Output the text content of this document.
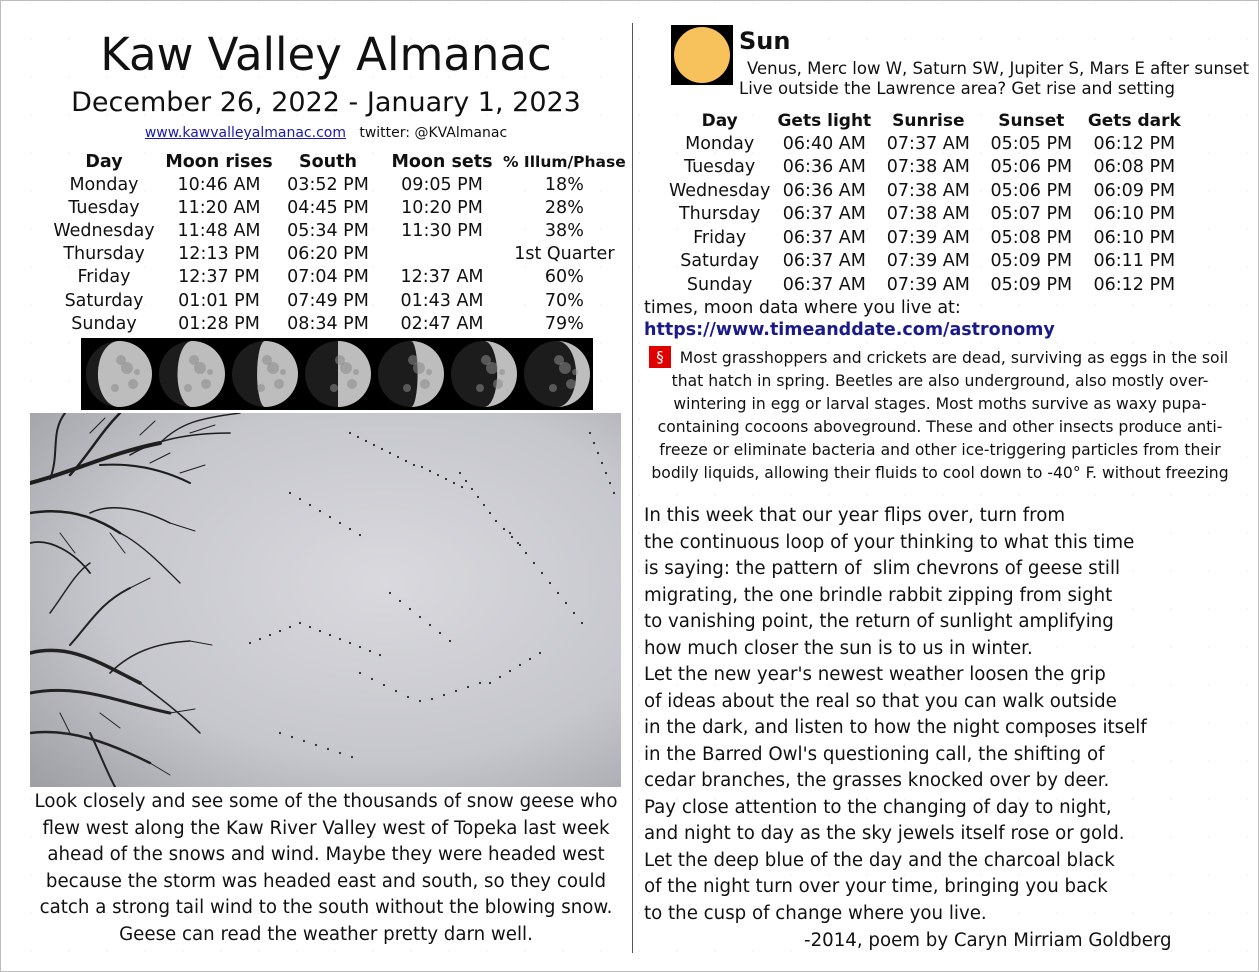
Kaw Valley Almanac
December 26, 2022 - January 1, 2023
www.kawvalleyalmanac.com twitter: @KVAlmanac
Day	Moon rises	South	Moon sets	% Illum/Phase
Monday	10:46 AM	03:52 PM	09:05 PM	18%
Tuesday	11:20 AM	04:45 PM	10:20 PM	28%
Wednesday	11:48 AM	05:34 PM	11:30 PM	38%
Thursday	12:13 PM	06:20 PM		1st Quarter
Friday	12:37 PM	07:04 PM	12:37 AM	60%
Saturday	01:01 PM	07:49 PM	01:43 AM	70%
Sunday	01:28 PM	08:34 PM	02:47 AM	79%
Look closely and see some of the thousands of snow geese who flew west along the Kaw River Valley west of Topeka last week ahead of the snows and wind. Maybe they were headed west because the storm was headed east and south, so they could catch a strong tail wind to the south without the blowing snow. Geese can read the weather pretty darn well.
Sun
Venus, Merc low W, Saturn SW, Jupiter S, Mars E after sunset
Live outside the Lawrence area? Get rise and setting
Day	Gets light	Sunrise	Sunset	Gets dark
Monday	06:40 AM	07:37 AM	05:05 PM	06:12 PM
Tuesday	06:36 AM	07:38 AM	05:06 PM	06:08 PM
Wednesday	06:36 AM	07:38 AM	05:06 PM	06:09 PM
Thursday	06:37 AM	07:38 AM	05:07 PM	06:10 PM
Friday	06:37 AM	07:39 AM	05:08 PM	06:10 PM
Saturday	06:37 AM	07:39 AM	05:09 PM	06:11 PM
Sunday	06:37 AM	07:39 AM	05:09 PM	06:12 PM
times, moon data where you live at:
https://www.timeanddate.com/astronomy
§	Most grasshoppers and crickets are dead, surviving as eggs in the soil
that hatch in spring. Beetles are also underground, also mostly over-
wintering in egg or larval stages. Most moths survive as waxy pupa-
containing cocoons aboveground. These and other insects produce anti-
freeze or eliminate bacteria and other ice-triggering particles from their
bodily liquids, allowing their fluids to cool down to -40° F. without freezing
In this week that our year flips over, turn from
the continuous loop of your thinking to what this time
is saying: the pattern of  slim chevrons of geese still
migrating, the one brindle rabbit zipping from sight
to vanishing point, the return of sunlight amplifying
how much closer the sun is to us in winter.
Let the new year's newest weather loosen the grip
of ideas about the real so that you can walk outside
in the dark, and listen to how the night composes itself
in the Barred Owl's questioning call, the shifting of
cedar branches, the grasses knocked over by deer.
Pay close attention to the changing of day to night,
and night to day as the sky jewels itself rose or gold.
Let the deep blue of the day and the charcoal black
of the night turn over your time, bringing you back
to the cusp of change where you live.
-2014, poem by Caryn Mirriam Goldberg
